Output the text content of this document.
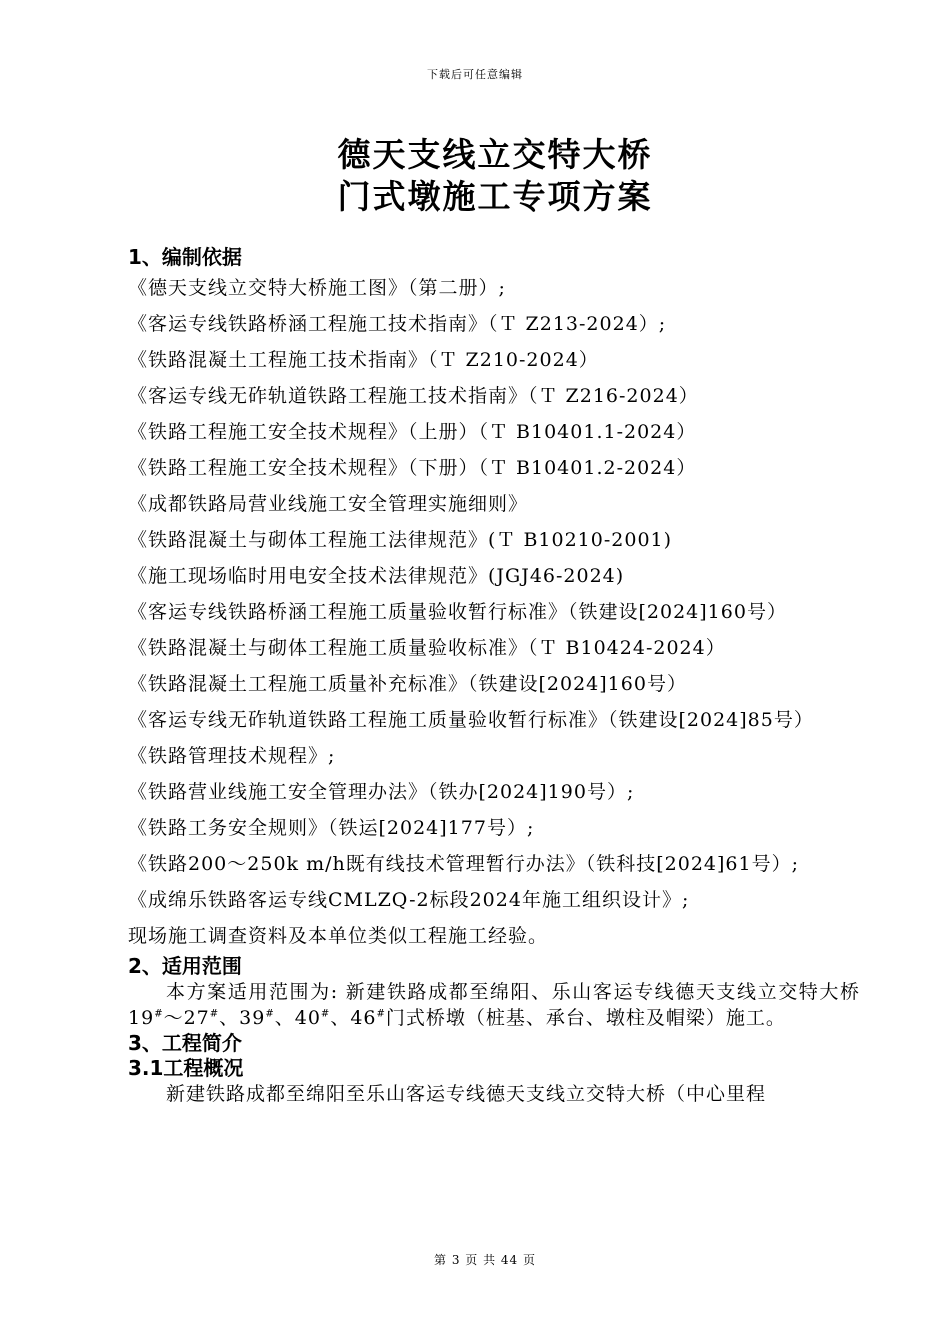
下载后可任意编辑
德天支线立交特大桥
门式墩施工专项方案
1、编制依据
《德天支线立交特大桥施工图》（第二册）;
《客运专线铁路桥涵工程施工技术指南》（Ｔ Z213-2024）;
《铁路混凝土工程施工技术指南》（Ｔ Z210-2024）
《客运专线无砟轨道铁路工程施工技术指南》（Ｔ Z216-2024）
《铁路工程施工安全技术规程》（上册）（Ｔ B10401.1-2024）
《铁路工程施工安全技术规程》（下册）（Ｔ B10401.2-2024）
《成都铁路局营业线施工安全管理实施细则》
《铁路混凝土与砌体工程施工法律规范》(Ｔ B10210-2001)
《施工现场临时用电安全技术法律规范》(JGJ46-2024)
《客运专线铁路桥涵工程施工质量验收暂行标准》（铁建设[2024]160号）
《铁路混凝土与砌体工程施工质量验收标准》（Ｔ B10424-2024）
《铁路混凝土工程施工质量补充标准》（铁建设[2024]160号）
《客运专线无砟轨道铁路工程施工质量验收暂行标准》（铁建设[2024]85号）
《铁路管理技术规程》;
《铁路营业线施工安全管理办法》（铁办[2024]190号）;
《铁路工务安全规则》（铁运[2024]177号）;
《铁路200～250k m/h既有线技术管理暂行办法》（铁科技[2024]61号）;
《成绵乐铁路客运专线CMLZQ-2标段2024年施工组织设计》;
现场施工调查资料及本单位类似工程施工经验。
2、适用范围

本方案适用范围为: 新建铁路成都至绵阳、乐山客运专线德天支线立交特大桥 19#～27#、39#、40#、46#门式桥墩（桩基、承台、墩柱及帽梁）施工。

3、工程简介
3.1工程概况

新建铁路成都至绵阳至乐山客运专线德天支线立交特大桥（中心里程

第 3 页 共 44 页
